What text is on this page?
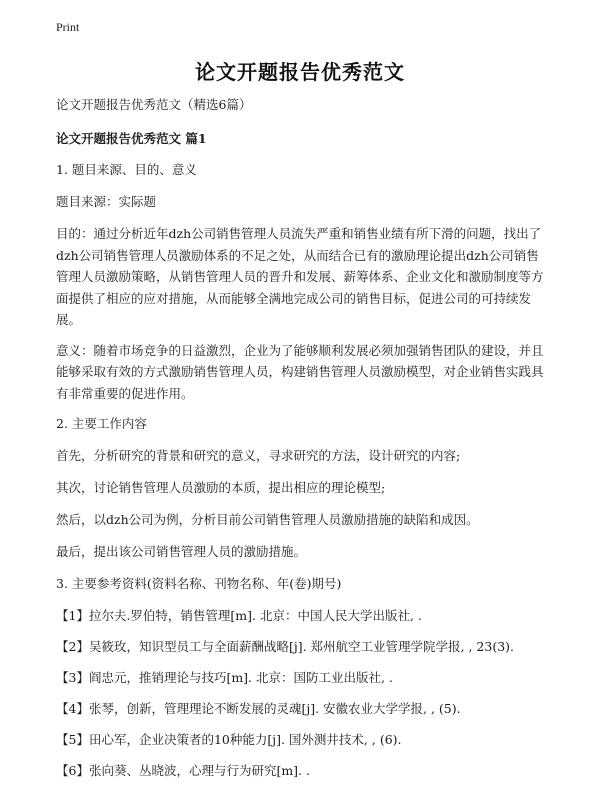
Print
论文开题报告优秀范文

论文开题报告优秀范文（精选6篇）

论文开题报告优秀范文 篇1

1. 题目来源、目的、意义

题目来源：实际题

目的：通过分析近年dzh公司销售管理人员流失严重和销售业绩有所下滑的问题，找出了dzh公司销售管理人员激励体系的不足之处，从而结合已有的激励理论提出dzh公司销售管理人员激励策略，从销售管理人员的晋升和发展、薪筹体系、企业文化和激励制度等方面提供了相应的应对措施，从而能够全满地完成公司的销售目标，促进公司的可持续发展。

意义：随着市场竞争的日益激烈，企业为了能够顺利发展必须加强销售团队的建设，并且能够采取有效的方式激励销售管理人员，构建销售管理人员激励模型，对企业销售实践具有非常重要的促进作用。

2. 主要工作内容

首先，分析研究的背景和研究的意义，寻求研究的方法，设计研究的内容;

其次，讨论销售管理人员激励的本质，提出相应的理论模型;

然后，以dzh公司为例，分析目前公司销售管理人员激励措施的缺陷和成因。

最后，提出该公司销售管理人员的激励措施。

3. 主要参考资料(资料名称、刊物名称、年(卷)期号)

【1】拉尔夫.罗伯特，销售管理[m]. 北京：中国人民大学出版社, .
【2】吴筱玫，知识型员工与全面薪酬战略[j]. 郑州航空工业管理学院学报, , 23(3).
【3】阎忠元，推销理论与技巧[m]. 北京：国防工业出版社, .
【4】张琴，创新，管理理论不断发展的灵魂[j]. 安徽农业大学学报, , (5).
【5】田心军，企业决策者的10种能力[j]. 国外测井技术, , (6).
【6】张向葵、丛晓波，心理与行为研究[m]. .
